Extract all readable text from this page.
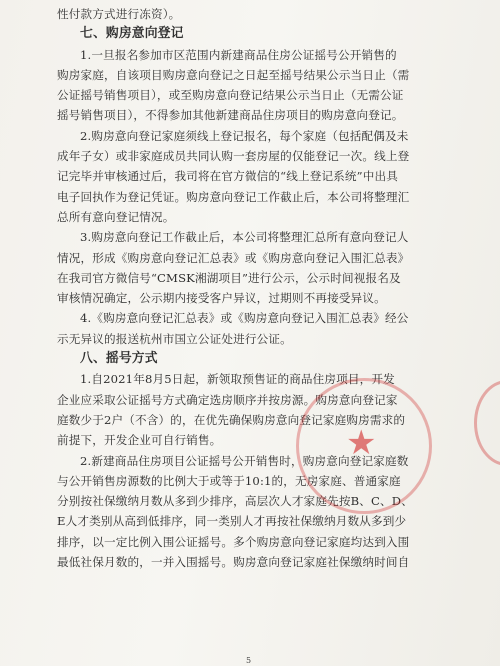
性付款方式进行冻资）。
七、购房意向登记
1.一旦报名参加市区范围内新建商品住房公证摇号公开销售的
购房家庭，自该项目购房意向登记之日起至摇号结果公示当日止（需
公证摇号销售项目），或至购房意向登记结果公示当日止（无需公证
摇号销售项目），不得参加其他新建商品住房项目的购房意向登记。
2.购房意向登记家庭须线上登记报名，每个家庭（包括配偶及未
成年子女）或非家庭成员共同认购一套房屋的仅能登记一次。线上登
记完毕并审核通过后，我司将在官方微信的“线上登记系统”中出具
电子回执作为登记凭证。购房意向登记工作截止后，本公司将整理汇
总所有意向登记情况。
3.购房意向登记工作截止后，本公司将整理汇总所有意向登记人
情况，形成《购房意向登记汇总表》或《购房意向登记入围汇总表》
在我司官方微信号“CMSK湘湖项目”进行公示，公示时间视报名及
审核情况确定，公示期内接受客户异议，过期则不再接受异议。
4.《购房意向登记汇总表》或《购房意向登记入围汇总表》经公
示无异议的报送杭州市国立公证处进行公证。
八、摇号方式
1.自2021年8月5日起，新领取预售证的商品住房项目，开发
企业应采取公证摇号方式确定选房顺序并按房源。购房意向登记家
庭数少于2户（不含）的，在优先确保购房意向登记家庭购房需求的
前提下，开发企业可自行销售。
2.新建商品住房项目公证摇号公开销售时，购房意向登记家庭数
与公开销售房源数的比例大于或等于10:1的，无房家庭、普通家庭
分别按社保缴纳月数从多到少排序，高层次人才家庭先按B、C、D、
E人才类别从高到低排序，同一类别人才再按社保缴纳月数从多到少
排序，以一定比例入围公证摇号。多个购房意向登记家庭均达到入围
最低社保月数的，一并入围摇号。购房意向登记家庭社保缴纳时间自
★
5
